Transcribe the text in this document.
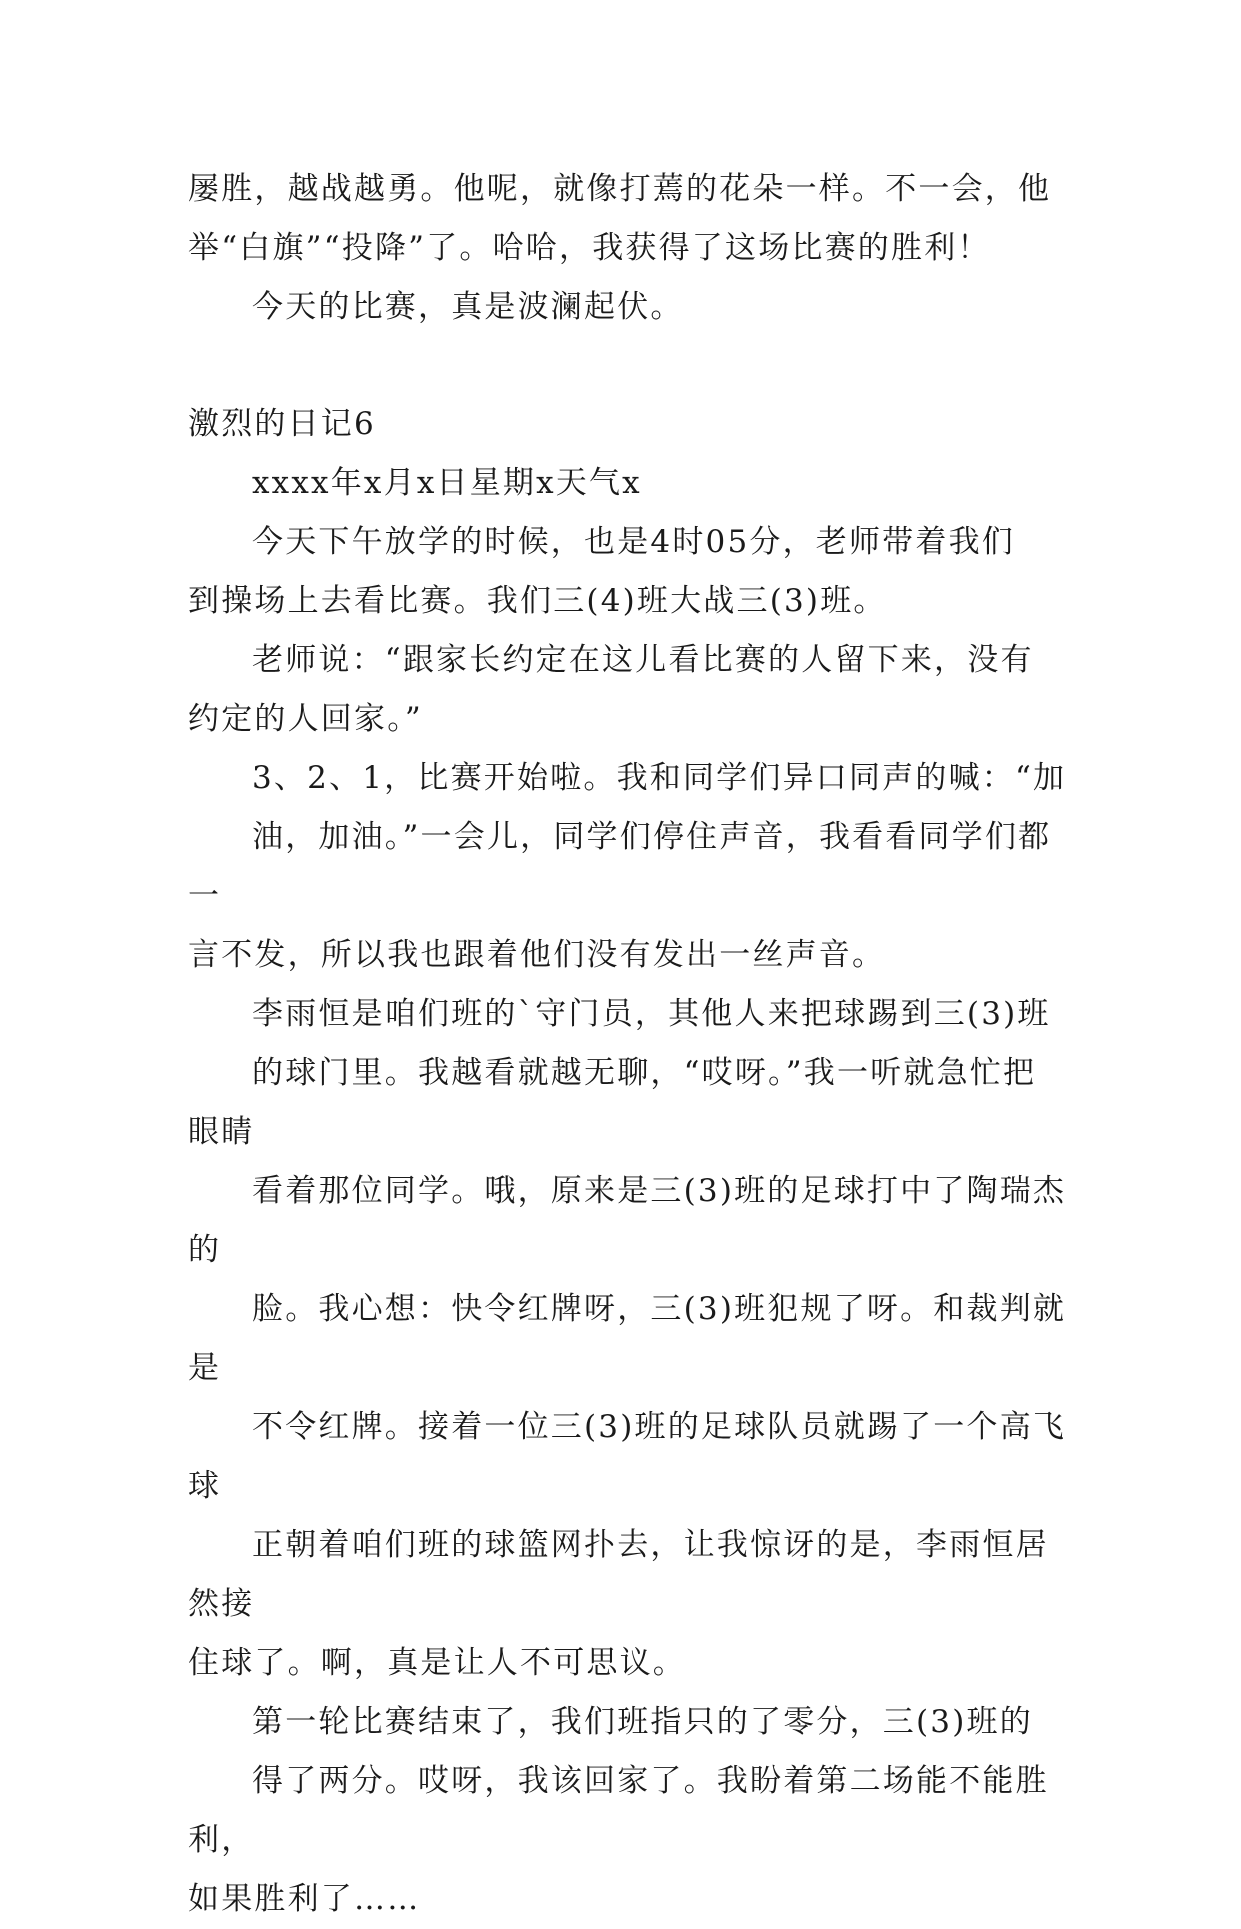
屡胜，越战越勇。他呢，就像打蔫的花朵一样。不一会，他
举“白旗”“投降”了。哈哈，我获得了这场比赛的胜利！

今天的比赛，真是波澜起伏。

激烈的日记6

xxxx年x月x日星期x天气x

今天下午放学的时候，也是4时05分，老师带着我们
到操场上去看比赛。我们三(4)班大战三(3)班。

老师说：“跟家长约定在这儿看比赛的人留下来，没有
约定的人回家。”

3、2、1，比赛开始啦。我和同学们异口同声的喊：“加
油，加油。”一会儿，同学们停住声音，我看看同学们都一
言不发，所以我也跟着他们没有发出一丝声音。

李雨恒是咱们班的`守门员，其他人来把球踢到三(3)班
的球门里。我越看就越无聊，“哎呀。”我一听就急忙把眼睛
看着那位同学。哦，原来是三(3)班的足球打中了陶瑞杰的
脸。我心想：快令红牌呀，三(3)班犯规了呀。和裁判就是
不令红牌。接着一位三(3)班的足球队员就踢了一个高飞球
正朝着咱们班的球篮网扑去，让我惊讶的是，李雨恒居然接
住球了。啊，真是让人不可思议。

第一轮比赛结束了，我们班指只的了零分，三(3)班的
得了两分。哎呀，我该回家了。我盼着第二场能不能胜利，
如果胜利了……
